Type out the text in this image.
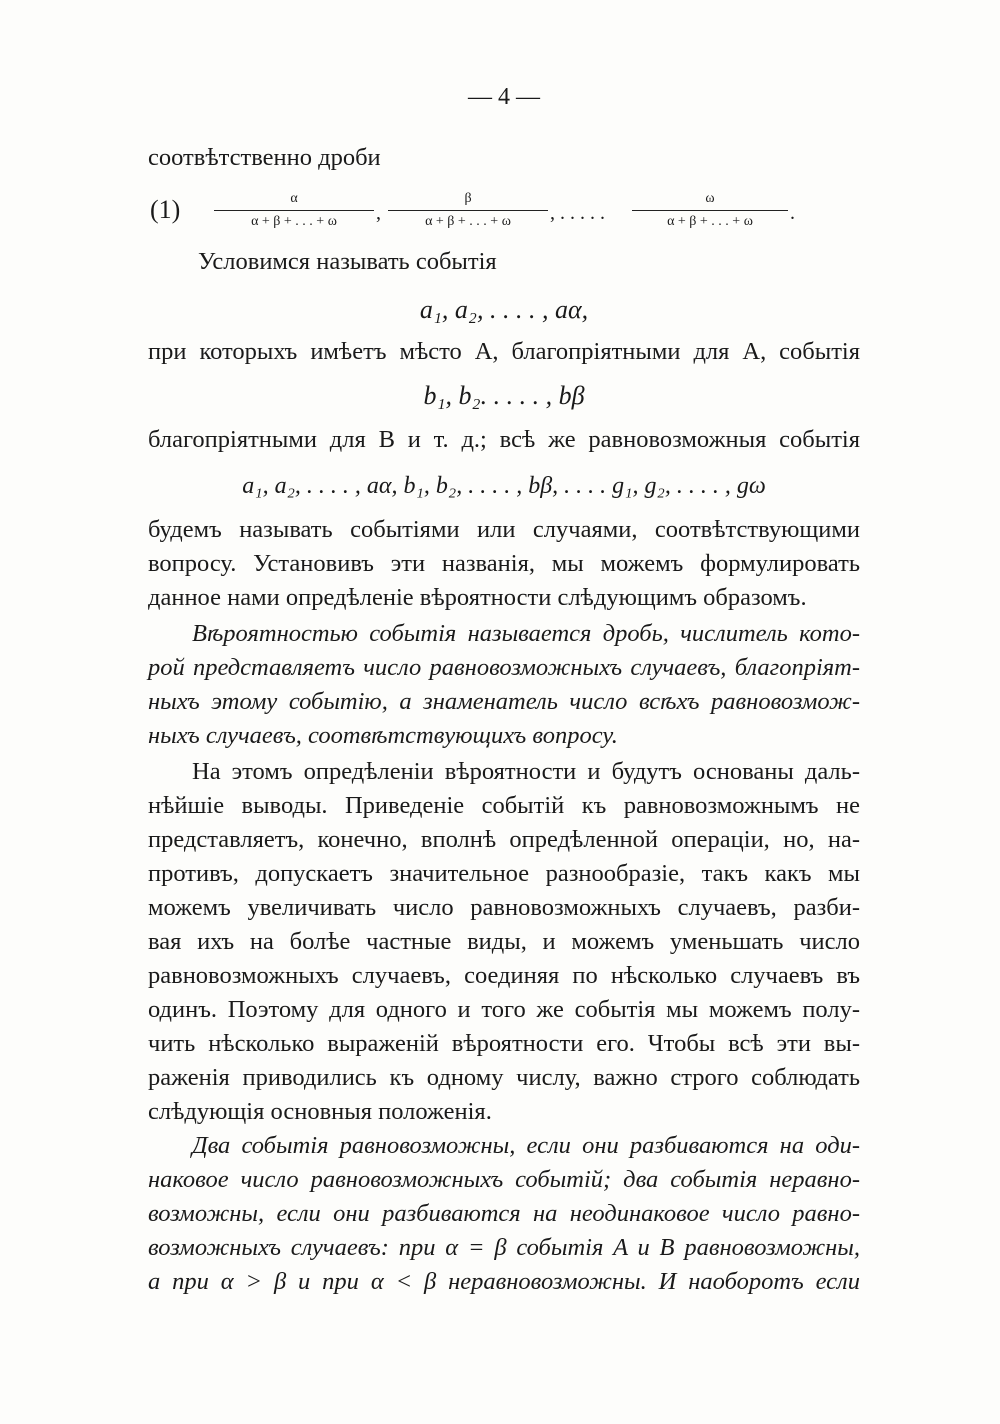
— 4 —
соотвѣтственно дроби
$(1) \frac{\alpha}{\alpha + \beta + . . . + \omega}$ , $\frac{\beta}{\alpha + \beta + . . . + \omega}$ , . . . . . $\frac{\omega}{\alpha + \beta + . . . + \omega}$ .
Условимся называть событія
a₁, a₂, . . . . , aα,
при которыхъ имѣетъ мѣсто A, благопріятными для A, событія
b₁, b₂. . . . . , bβ
благопріятными для B и т. д.; всѣ же равновозможныя событія
a₁, a₂, . . . . , aα, b₁, b₂, . . . . , bβ, . . . . g₁, g₂, . . . . , gω
будемъ называть событіями или случаями, соотвѣтствующими
вопросу. Установивъ эти названія, мы можемъ формулировать
данное нами опредѣленіе вѣроятности слѣдующимъ образомъ.
Вѣроятностью событія называется дробь, числитель кото-
рой представляетъ число равновозможныхъ случаевъ, благопріят-
ныхъ этому событію, а знаменатель число всѣхъ равновозмож-
ныхъ случаевъ, соотвѣтствующихъ вопросу.
На этомъ опредѣленіи вѣроятности и будутъ основаны даль-
нѣйшіе выводы. Приведеніе событій къ равновозможнымъ не
представляетъ, конечно, вполнѣ опредѣленной операціи, но, на-
противъ, допускаетъ значительное разнообразіе, такъ какъ мы
можемъ увеличивать число равновозможныхъ случаевъ, разби-
вая ихъ на болѣе частные виды, и можемъ уменьшать число
равновозможныхъ случаевъ, соединяя по нѣсколько случаевъ въ
одинъ. Поэтому для одного и того же событія мы можемъ полу-
чить нѣсколько выраженій вѣроятности его. Чтобы всѣ эти вы-
раженія приводились къ одному числу, важно строго соблюдать
слѣдующія основныя положенія.
Два событія равновозможны, если они разбиваются на оди-
наковое число равновозможныхъ событій; два событія неравно-
возможны, если они разбиваются на неодинаковое число равно-
возможныхъ случаевъ: при α = β событія A и B равновозможны,
а при α > β и при α < β неравновозможны. И наоборотъ если
